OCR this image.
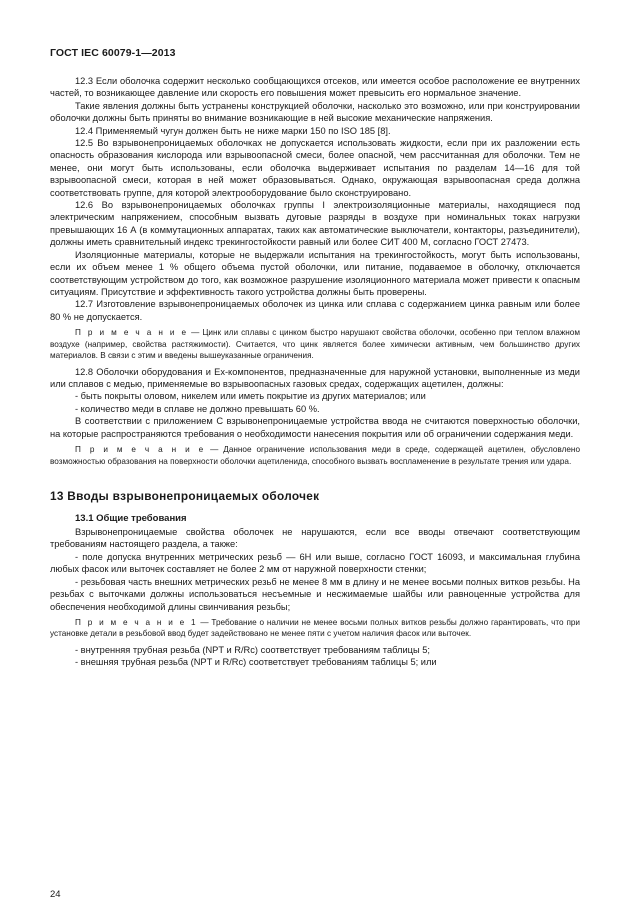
ГОСТ IEC 60079-1—2013

12.3 Если оболочка содержит несколько сообщающихся отсеков, или имеется особое расположение ее внутренних частей, то возникающее давление или скорость его повышения может превысить его нормальное значение.

Такие явления должны быть устранены конструкцией оболочки, насколько это возможно, или при конструировании оболочки должны быть приняты во внимание возникающие в ней высокие механические напряжения.

12.4 Применяемый чугун должен быть не ниже марки 150 по ISO 185 [8].

12.5 Во взрывонепроницаемых оболочках не допускается использовать жидкости, если при их разложении есть опасность образования кислорода или взрывоопасной смеси, более опасной, чем рассчитанная для оболочки. Тем не менее, они могут быть использованы, если оболочка выдерживает испытания по разделам 14—16 для той взрывоопасной смеси, которая в ней может образовываться. Однако, окружающая взрывоопасная среда должна соответствовать группе, для которой электрооборудование было сконструировано.

12.6 Во взрывонепроницаемых оболочках группы I электроизоляционные материалы, находящиеся под электрическим напряжением, способным вызвать дуговые разряды в воздухе при номинальных токах нагрузки превышающих 16 А (в коммутационных аппаратах, таких как автоматические выключатели, контакторы, разъединители), должны иметь сравнительный индекс трекингостойкости равный или более СИТ 400 М, согласно ГОСТ 27473.

Изоляционные материалы, которые не выдержали испытания на трекингостойкость, могут быть использованы, если их объем менее 1 % общего объема пустой оболочки, или питание, подаваемое в оболочку, отключается соответствующим устройством до того, как возможное разрушение изоляционного материала может привести к опасным ситуациям. Присутствие и эффективность такого устройства должны быть проверены.

12.7 Изготовление взрывонепроницаемых оболочек из цинка или сплава с содержанием цинка равным или более 80 % не допускается.

П р и м е ч а н и е — Цинк или сплавы с цинком быстро нарушают свойства оболочки, особенно при теплом влажном воздухе (например, свойства растяжимости). Считается, что цинк является более химически активным, чем большинство других материалов. В связи с этим и введены вышеуказанные ограничения.

12.8 Оболочки оборудования и Ex-компонентов, предназначенные для наружной установки, выполненные из меди или сплавов с медью, применяемые во взрывоопасных газовых средах, содержащих ацетилен, должны:

- быть покрыты оловом, никелем или иметь покрытие из других материалов; или

- количество меди в сплаве не должно превышать 60 %.

В соответствии с приложением С взрывонепроницаемые устройства ввода не считаются поверхностью оболочки, на которые распространяются требования о необходимости нанесения покрытия или об ограничении содержания меди.

П р и м е ч а н и е — Данное ограничение использования меди в среде, содержащей ацетилен, обусловлено возможностью образования на поверхности оболочки ацетиленида, способного вызвать воспламенение в результате трения или удара.

13 Вводы взрывонепроницаемых оболочек
13.1 Общие требования

Взрывонепроницаемые свойства оболочек не нарушаются, если все вводы отвечают соответствующим требованиям настоящего раздела, а также:

- поле допуска внутренних метрических резьб — 6Н или выше, согласно ГОСТ 16093, и максимальная глубина любых фасок или выточек составляет не более 2 мм от наружной поверхности стенки;

- резьбовая часть внешних метрических резьб не менее 8 мм в длину и не менее восьми полных витков резьбы. На резьбах с выточками должны использоваться несъемные и несжимаемые шайбы или равноценные устройства для обеспечения необходимой длины свинчивания резьбы;

П р и м е ч а н и е 1 — Требование о наличии не менее восьми полных витков резьбы должно гарантировать, что при установке детали в резьбовой ввод будет задействовано не менее пяти с учетом наличия фасок или выточек.

- внутренняя трубная резьба (NPT и R/Rc) соответствует требованиям таблицы 5;

- внешняя трубная резьба (NPT и R/Rc) соответствует требованиям таблицы 5; или

24
